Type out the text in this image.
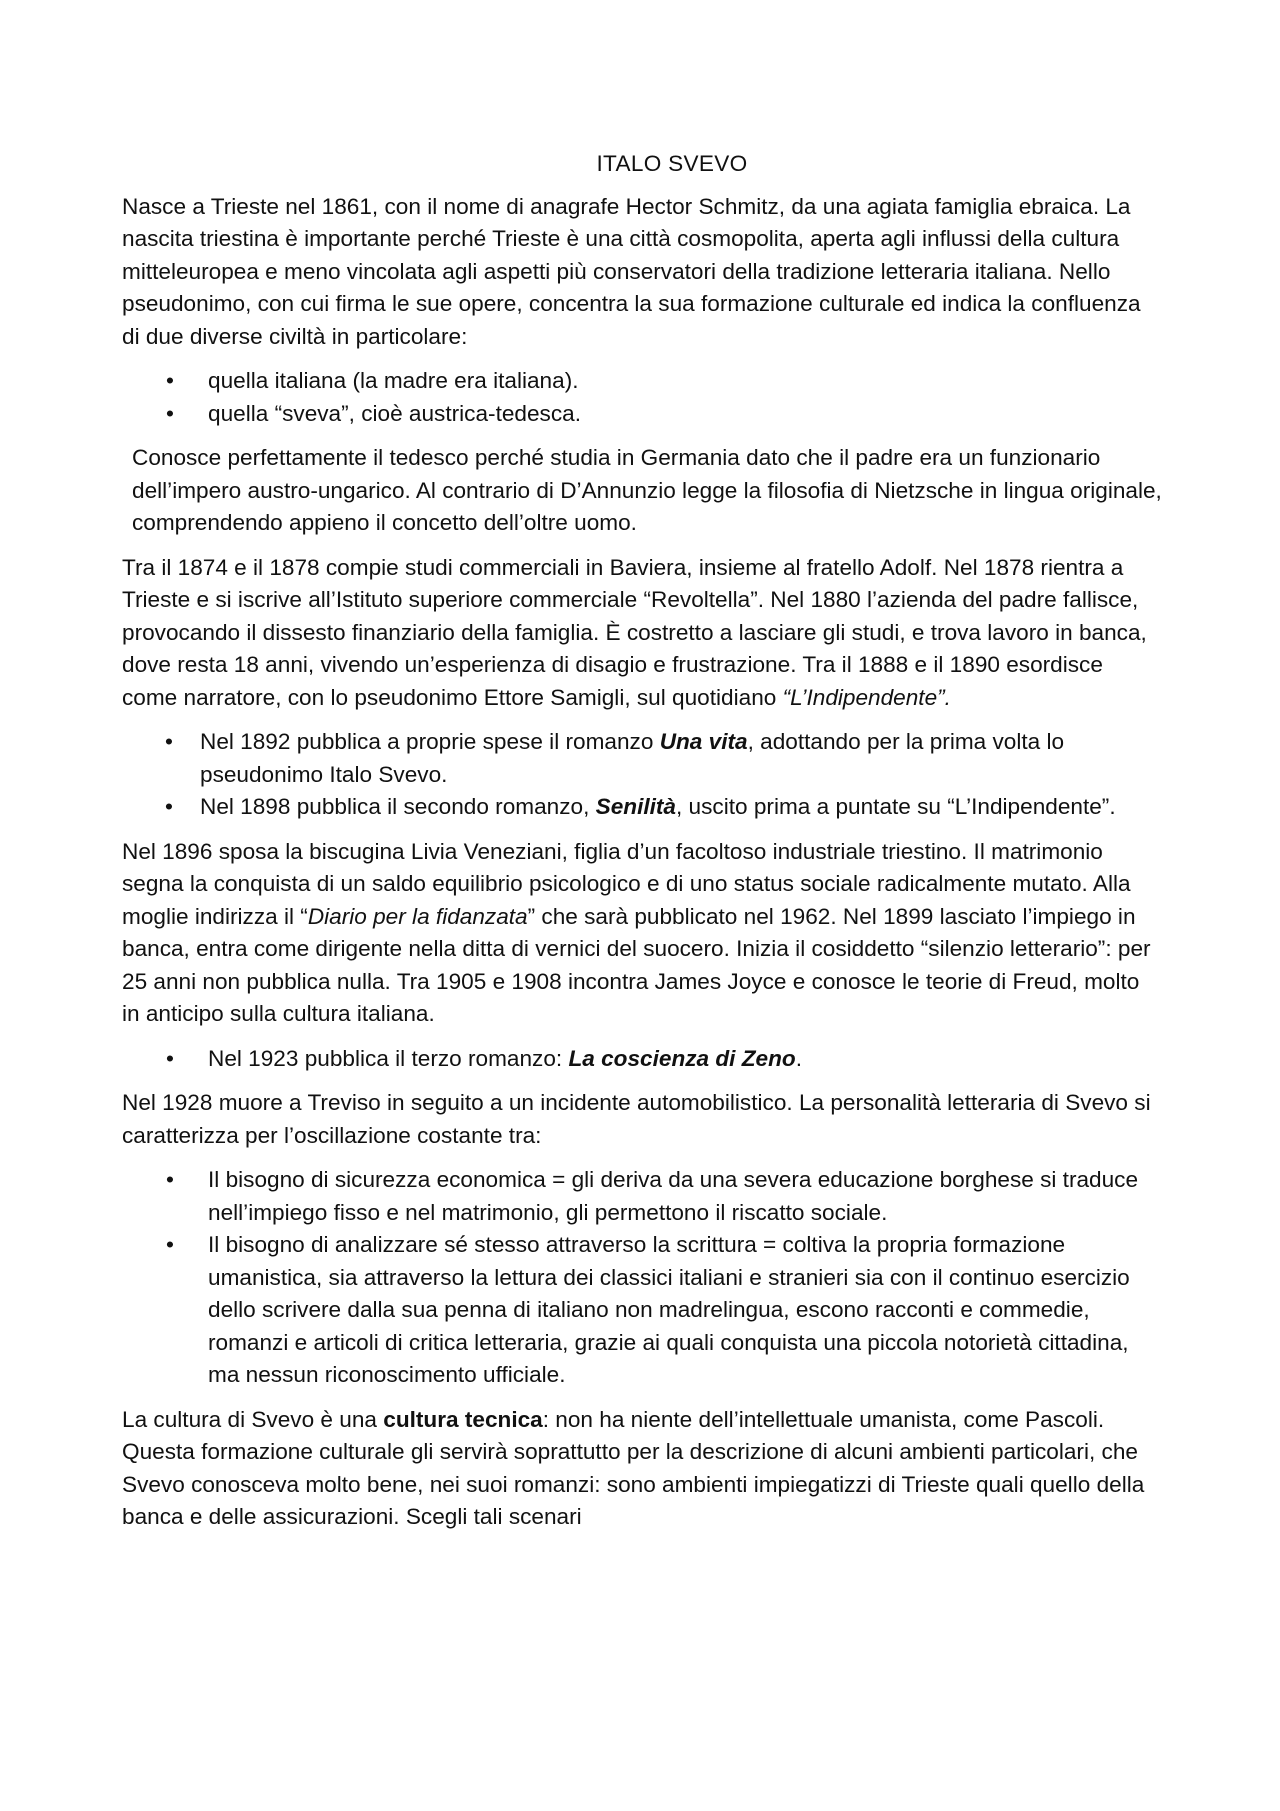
ITALO SVEVO

Nasce a Trieste nel 1861, con il nome di anagrafe Hector Schmitz, da una agiata famiglia ebraica. La nascita triestina è importante perché Trieste è una città cosmopolita, aperta agli influssi della cultura mitteleuropea e meno vincolata agli aspetti più conservatori della tradizione letteraria italiana. Nello pseudonimo, con cui firma le sue opere, concentra la sua formazione culturale ed indica la confluenza di due diverse civiltà in particolare:

• quella italiana (la madre era italiana).
• quella “sveva”, cioè austrica-tedesca.

Conosce perfettamente il tedesco perché studia in Germania dato che il padre era un funzionario dell’impero austro-ungarico. Al contrario di D’Annunzio legge la filosofia di Nietzsche in lingua originale, comprendendo appieno il concetto dell’oltre uomo.

Tra il 1874 e il 1878 compie studi commerciali in Baviera, insieme al fratello Adolf. Nel 1878 rientra a Trieste e si iscrive all’Istituto superiore commerciale “Revoltella”. Nel 1880 l’azienda del padre fallisce, provocando il dissesto finanziario della famiglia. È costretto a lasciare gli studi, e trova lavoro in banca, dove resta 18 anni, vivendo un’esperienza di disagio e frustrazione. Tra il 1888 e il 1890 esordisce come narratore, con lo pseudonimo Ettore Samigli, sul quotidiano “L’Indipendente”.

• Nel 1892 pubblica a proprie spese il romanzo Una vita, adottando per la prima volta lo pseudonimo Italo Svevo.
• Nel 1898 pubblica il secondo romanzo, Senilità, uscito prima a puntate su “L’Indipendente”.

Nel 1896 sposa la biscugina Livia Veneziani, figlia d’un facoltoso industriale triestino. Il matrimonio segna la conquista di un saldo equilibrio psicologico e di uno status sociale radicalmente mutato. Alla moglie indirizza il “Diario per la fidanzata” che sarà pubblicato nel 1962. Nel 1899 lasciato l’impiego in banca, entra come dirigente nella ditta di vernici del suocero. Inizia il cosiddetto “silenzio letterario”: per 25 anni non pubblica nulla. Tra 1905 e 1908 incontra James Joyce e conosce le teorie di Freud, molto in anticipo sulla cultura italiana.

• Nel 1923 pubblica il terzo romanzo: La coscienza di Zeno.

Nel 1928 muore a Treviso in seguito a un incidente automobilistico. La personalità letteraria di Svevo si caratterizza per l’oscillazione costante tra:

• Il bisogno di sicurezza economica = gli deriva da una severa educazione borghese si traduce nell’impiego fisso e nel matrimonio, gli permettono il riscatto sociale.
• Il bisogno di analizzare sé stesso attraverso la scrittura = coltiva la propria formazione umanistica, sia attraverso la lettura dei classici italiani e stranieri sia con il continuo esercizio dello scrivere dalla sua penna di italiano non madrelingua, escono racconti e commedie, romanzi e articoli di critica letteraria, grazie ai quali conquista una piccola notorietà cittadina, ma nessun riconoscimento ufficiale.

La cultura di Svevo è una cultura tecnica: non ha niente dell’intellettuale umanista, come Pascoli. Questa formazione culturale gli servirà soprattutto per la descrizione di alcuni ambienti particolari, che Svevo conosceva molto bene, nei suoi romanzi: sono ambienti impiegatizzi di Trieste quali quello della banca e delle assicurazioni. Scegli tali scenari
